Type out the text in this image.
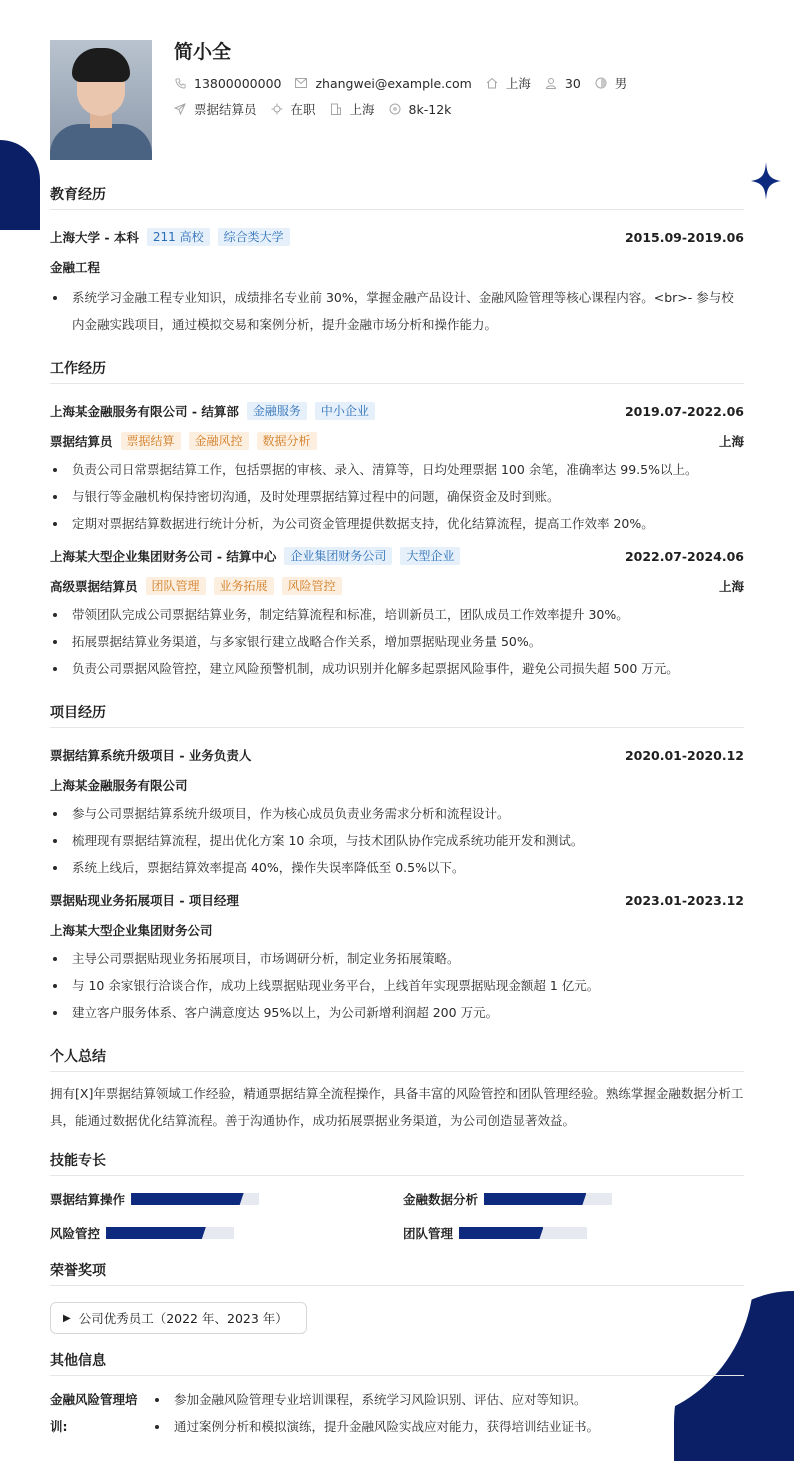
简小全
13800000000	zhangwei@example.com	上海	30	男
票据结算员	在职	上海	8k-12k
教育经历
上海大学 - 本科	211 高校	综合类大学	2015.09-2019.06
金融工程
系统学习金融工程专业知识，成绩排名专业前 30%，掌握金融产品设计、金融风险管理等核心课程内容。<br>- 参与校内金融实践项目，通过模拟交易和案例分析，提升金融市场分析和操作能力。
工作经历
上海某金融服务有限公司 - 结算部	金融服务	中小企业	2019.07-2022.06
票据结算员	票据结算	金融风控	数据分析	上海
负责公司日常票据结算工作，包括票据的审核、录入、清算等，日均处理票据 100 余笔，准确率达 99.5%以上。
与银行等金融机构保持密切沟通，及时处理票据结算过程中的问题，确保资金及时到账。
定期对票据结算数据进行统计分析，为公司资金管理提供数据支持，优化结算流程，提高工作效率 20%。
上海某大型企业集团财务公司 - 结算中心	企业集团财务公司	大型企业	2022.07-2024.06
高级票据结算员	团队管理	业务拓展	风险管控	上海
带领团队完成公司票据结算业务，制定结算流程和标准，培训新员工，团队成员工作效率提升 30%。
拓展票据结算业务渠道，与多家银行建立战略合作关系，增加票据贴现业务量 50%。
负责公司票据风险管控，建立风险预警机制，成功识别并化解多起票据风险事件，避免公司损失超 500 万元。
项目经历
票据结算系统升级项目 - 业务负责人	2020.01-2020.12
上海某金融服务有限公司
参与公司票据结算系统升级项目，作为核心成员负责业务需求分析和流程设计。
梳理现有票据结算流程，提出优化方案 10 余项，与技术团队协作完成系统功能开发和测试。
系统上线后，票据结算效率提高 40%，操作失误率降低至 0.5%以下。
票据贴现业务拓展项目 - 项目经理	2023.01-2023.12
上海某大型企业集团财务公司
主导公司票据贴现业务拓展项目，市场调研分析，制定业务拓展策略。
与 10 余家银行洽谈合作，成功上线票据贴现业务平台，上线首年实现票据贴现金额超 1 亿元。
建立客户服务体系、客户满意度达 95%以上，为公司新增利润超 200 万元。
个人总结
拥有[X]年票据结算领域工作经验，精通票据结算全流程操作，具备丰富的风险管控和团队管理经验。熟练掌握金融数据分析工具，能通过数据优化结算流程。善于沟通协作，成功拓展票据业务渠道，为公司创造显著效益。
技能专长
票据结算操作	金融数据分析
风险管控	团队管理
荣誉奖项
▶ 公司优秀员工（2022 年、2023 年）
其他信息
金融风险管理培训:
参加金融风险管理专业培训课程，系统学习风险识别、评估、应对等知识。
通过案例分析和模拟演练，提升金融风险实战应对能力，获得培训结业证书。
